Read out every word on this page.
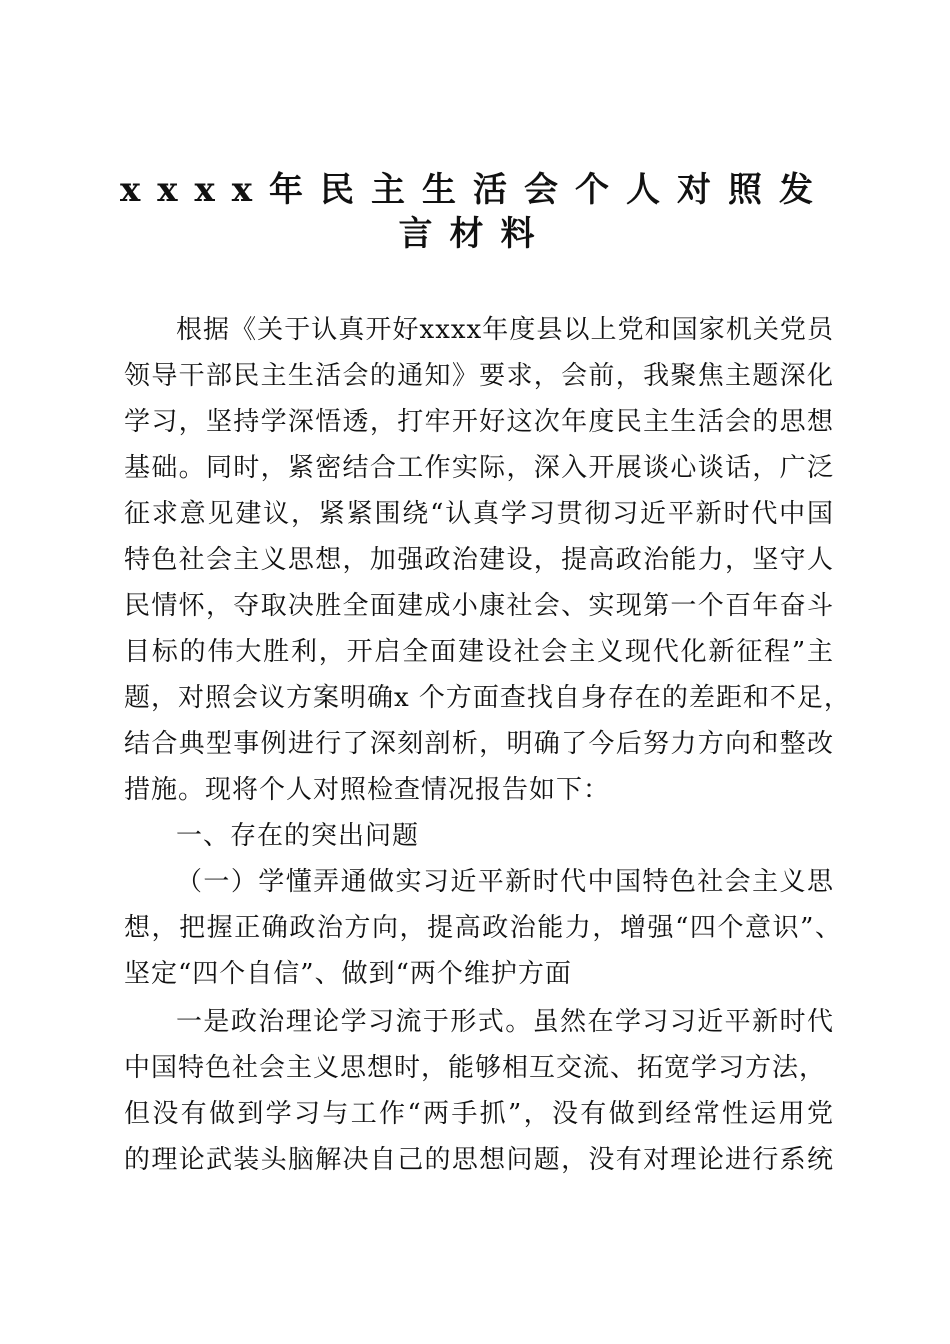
xxxx年民主生活会个人对照发
言材料
根据《关于认真开好xxxx年度县以上党和国家机关党员
领导干部民主生活会的通知》要求，会前，我聚焦主题深化
学习，坚持学深悟透，打牢开好这次年度民主生活会的思想
基础。同时，紧密结合工作实际，深入开展谈心谈话，广泛
征求意见建议，紧紧围绕“认真学习贯彻习近平新时代中国
特色社会主义思想，加强政治建设，提高政治能力，坚守人
民情怀，夺取决胜全面建成小康社会、实现第一个百年奋斗
目标的伟大胜利，开启全面建设社会主义现代化新征程”主
题，对照会议方案明确x 个方面查找自身存在的差距和不足，
结合典型事例进行了深刻剖析，明确了今后努力方向和整改
措施。现将个人对照检查情况报告如下：
一、存在的突出问题
（一）学懂弄通做实习近平新时代中国特色社会主义思
想，把握正确政治方向，提高政治能力，增强“四个意识”、
坚定“四个自信”、做到“两个维护方面
一是政治理论学习流于形式。虽然在学习习近平新时代
中国特色社会主义思想时，能够相互交流、拓宽学习方法，
但没有做到学习与工作“两手抓”，没有做到经常性运用党
的理论武装头脑解决自己的思想问题，没有对理论进行系统
